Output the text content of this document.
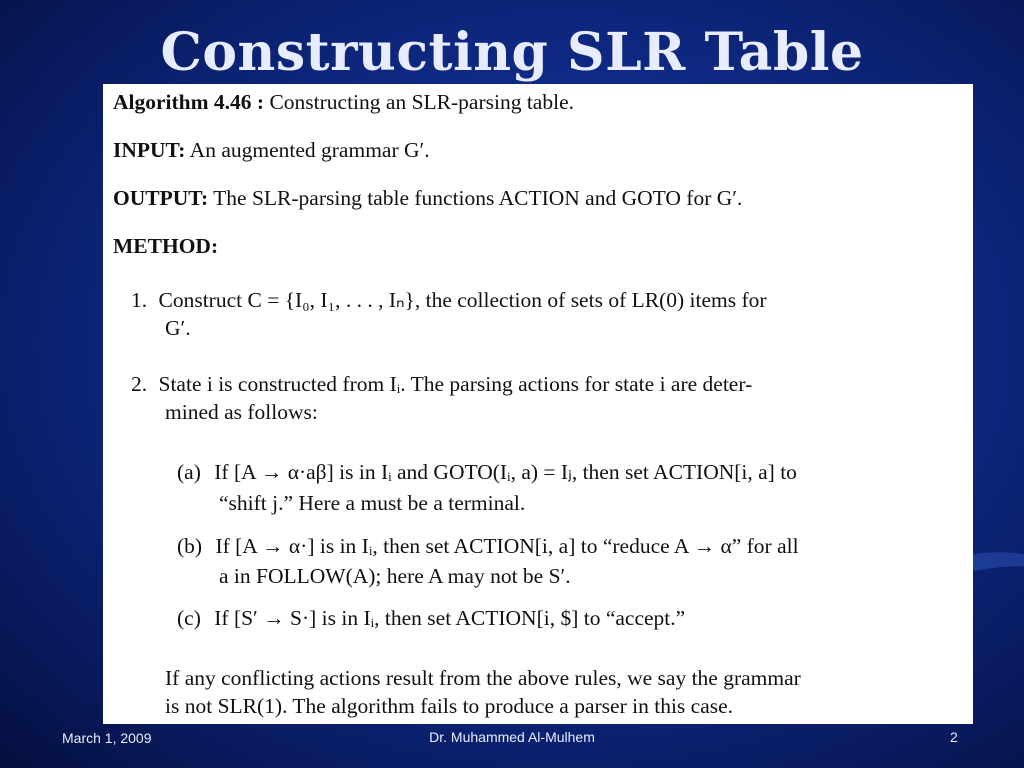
Constructing SLR Table
Algorithm 4.46 : Constructing an SLR-parsing table.
INPUT: An augmented grammar G′.
OUTPUT: The SLR-parsing table functions ACTION and GOTO for G′.
METHOD:
1. Construct C = {I₀, I₁, . . . , Iₙ}, the collection of sets of LR(0) items for
G′.
2. State i is constructed from Iᵢ. The parsing actions for state i are deter-
mined as follows:
(a) If [A → α·aβ] is in Iᵢ and GOTO(Iᵢ, a) = Iⱼ, then set ACTION[i, a] to
“shift j.” Here a must be a terminal.
(b) If [A → α·] is in Iᵢ, then set ACTION[i, a] to “reduce A → α” for all
a in FOLLOW(A); here A may not be S′.
(c) If [S′ → S·] is in Iᵢ, then set ACTION[i, $] to “accept.”
If any conflicting actions result from the above rules, we say the grammar
is not SLR(1). The algorithm fails to produce a parser in this case.
March 1, 2009	Dr. Muhammed Al-Mulhem	2
